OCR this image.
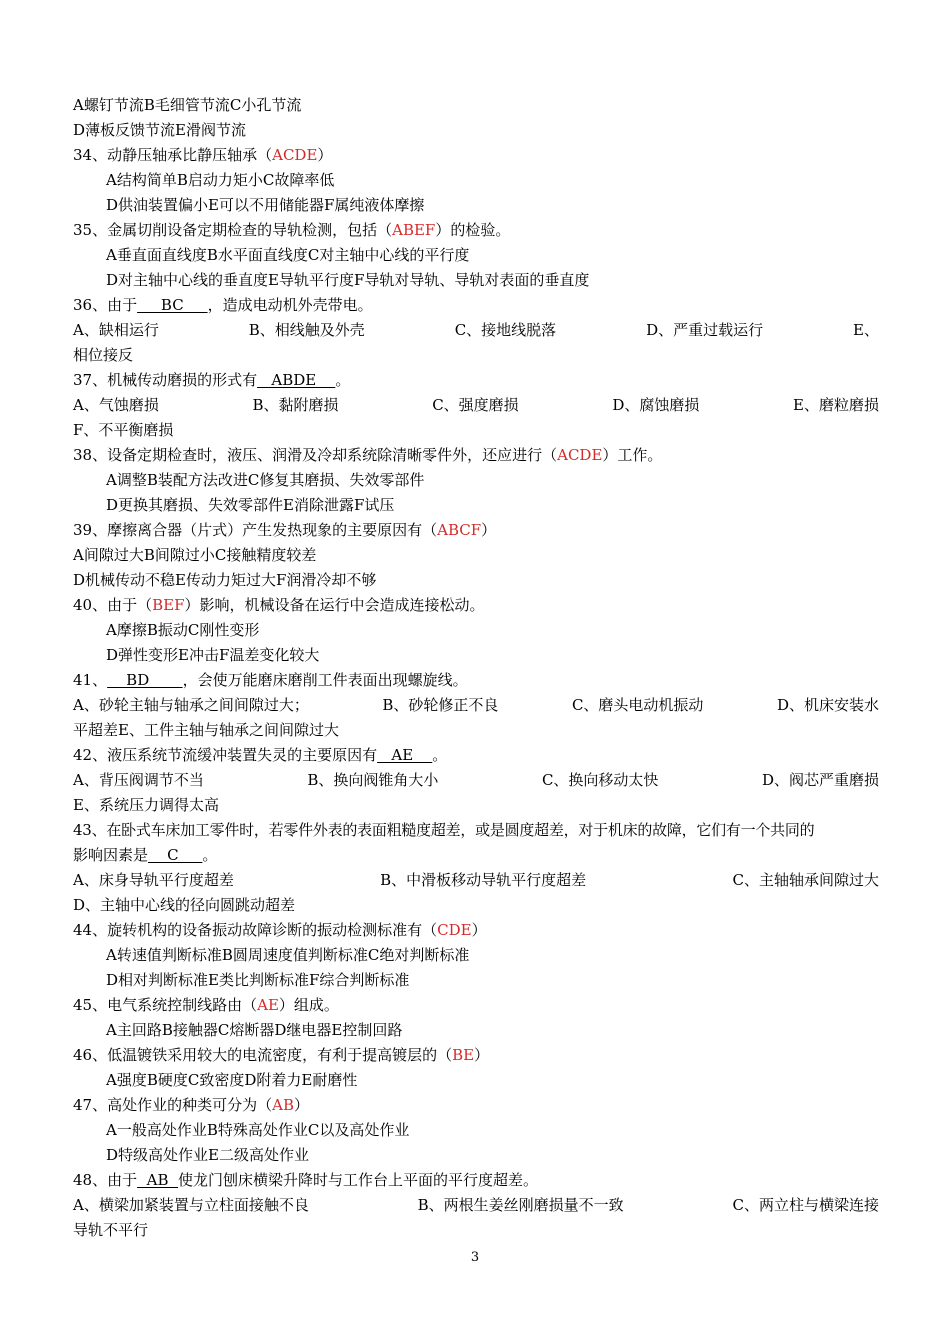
A螺钉节流B毛细管节流C小孔节流
D薄板反馈节流E滑阀节流
34、动静压轴承比静压轴承（ACDE）
A结构简单B启动力矩小C故障率低
D供油装置偏小E可以不用储能器F属纯液体摩擦
35、金属切削设备定期检查的导轨检测，包括（ABEF）的检验。
A垂直面直线度B水平面直线度C对主轴中心线的平行度
D对主轴中心线的垂直度E导轨平行度F导轨对导轨、导轨对表面的垂直度
36、由于     BC     ，造成电动机外壳带电。
A、缺相运行	B、相线触及外壳	C、接地线脱落	D、严重过载运行	E、
相位接反
37、机械传动磨损的形式有   ABDE    。
A、气蚀磨损	B、黏附磨损	C、强度磨损	D、腐蚀磨损	E、磨粒磨损
F、不平衡磨损
38、设备定期检查时，液压、润滑及冷却系统除清晰零件外，还应进行（ACDE）工作。
A调整B装配方法改进C修复其磨损、失效零部件
D更换其磨损、失效零部件E消除泄露F试压
39、摩擦离合器（片式）产生发热现象的主要原因有（ABCF）
A间隙过大B间隙过小C接触精度较差
D机械传动不稳E传动力矩过大F润滑冷却不够
40、由于（BEF）影响，机械设备在运行中会造成连接松动。
A摩擦B振动C刚性变形
D弹性变形E冲击F温差变化较大
41、    BD       ，会使万能磨床磨削工件表面出现螺旋线。
A、砂轮主轴与轴承之间间隙过大；	B、砂轮修正不良	C、磨头电动机振动	D、机床安装水
平超差E、工件主轴与轴承之间间隙过大
42、液压系统节流缓冲装置失灵的主要原因有   AE    。
A、背压阀调节不当	B、换向阀锥角大小	C、换向移动太快	D、阀芯严重磨损
E、系统压力调得太高
43、在卧式车床加工零件时，若零件外表的表面粗糙度超差，或是圆度超差，对于机床的故障，它们有一个共同的
影响因素是    C     。
A、床身导轨平行度超差	B、中滑板移动导轨平行度超差	C、主轴轴承间隙过大
D、主轴中心线的径向圆跳动超差
44、旋转机构的设备振动故障诊断的振动检测标准有（CDE）
A转速值判断标准B圆周速度值判断标准C绝对判断标准
D相对判断标准E类比判断标准F综合判断标准
45、电气系统控制线路由（AE）组成。
A主回路B接触器C熔断器D继电器E控制回路
46、低温镀铁采用较大的电流密度，有利于提高镀层的（BE）
A强度B硬度C致密度D附着力E耐磨性
47、高处作业的种类可分为（AB）
A一般高处作业B特殊高处作业C以及高处作业
D特级高处作业E二级高处作业
48、由于  AB  使龙门刨床横梁升降时与工作台上平面的平行度超差。
A、横梁加紧装置与立柱面接触不良	B、两根生姜丝刚磨损量不一致	C、两立柱与横梁连接
导轨不平行
3
